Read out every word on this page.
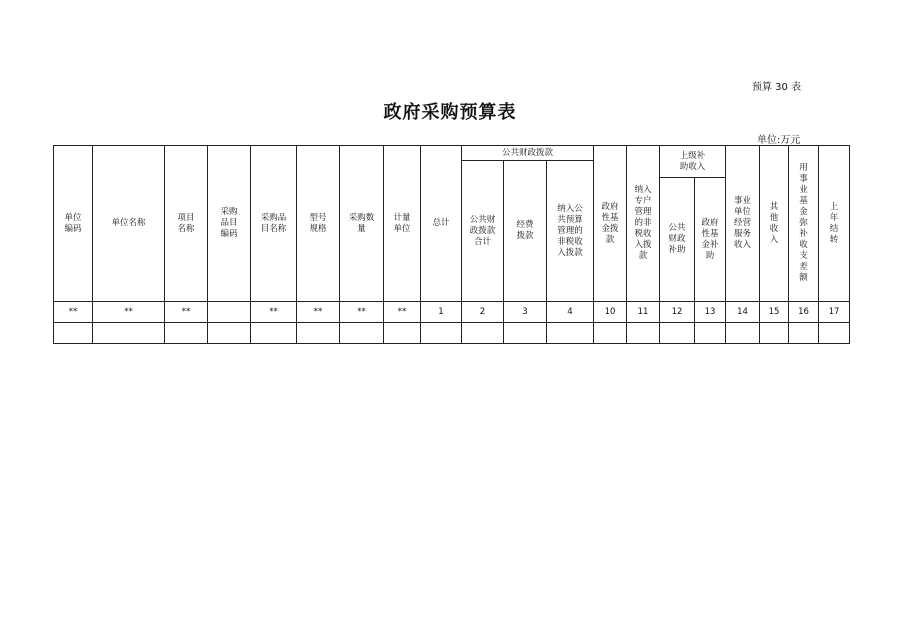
预算 30 表
政府采购预算表
单位:万元
单位编码	单位名称	项目名称	采购品目编码	采购品目名称	型号规格	采购数量	计量单位	总计	公共财政拨款			政府性基金拨款	纳入专户管理的非税收入拨款	上级补助收入		事业单位经营服务收入	其他收入	用事业基金弥补收支差额	上年结转
									公共财政拨款合计	经费拨款	纳入公共预算管理的非税收入拨款								
														公共财政补助	政府性基金补助				
**	**	**		**	**	**	**	1	2	3	4	10	11	12	13	14	15	16	17
